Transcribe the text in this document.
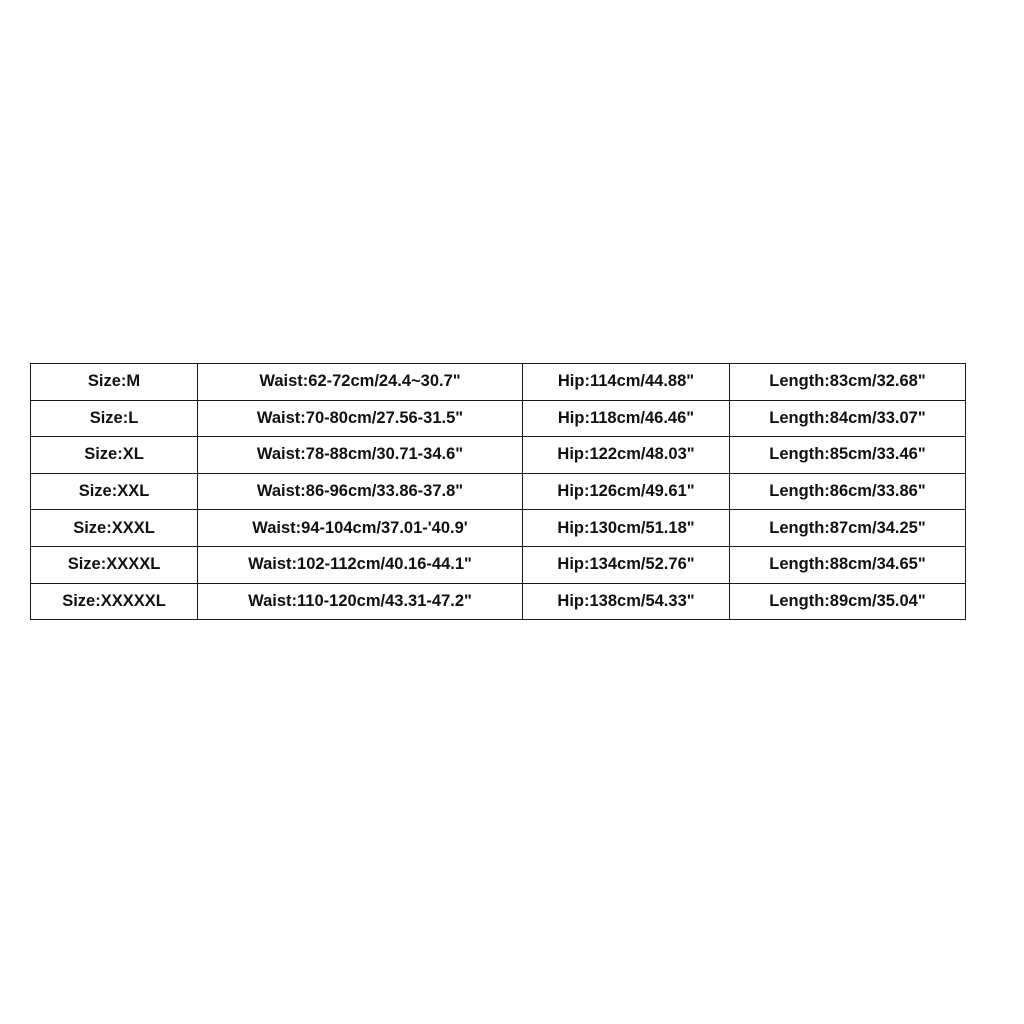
Size:M	Waist:62-72cm/24.4~30.7"	Hip:114cm/44.88"	Length:83cm/32.68"
Size:L	Waist:70-80cm/27.56-31.5"	Hip:118cm/46.46"	Length:84cm/33.07"
Size:XL	Waist:78-88cm/30.71-34.6"	Hip:122cm/48.03"	Length:85cm/33.46"
Size:XXL	Waist:86-96cm/33.86-37.8"	Hip:126cm/49.61"	Length:86cm/33.86"
Size:XXXL	Waist:94-104cm/37.01-'40.9'	Hip:130cm/51.18"	Length:87cm/34.25"
Size:XXXXL	Waist:102-112cm/40.16-44.1"	Hip:134cm/52.76"	Length:88cm/34.65"
Size:XXXXXL	Waist:110-120cm/43.31-47.2"	Hip:138cm/54.33"	Length:89cm/35.04"
